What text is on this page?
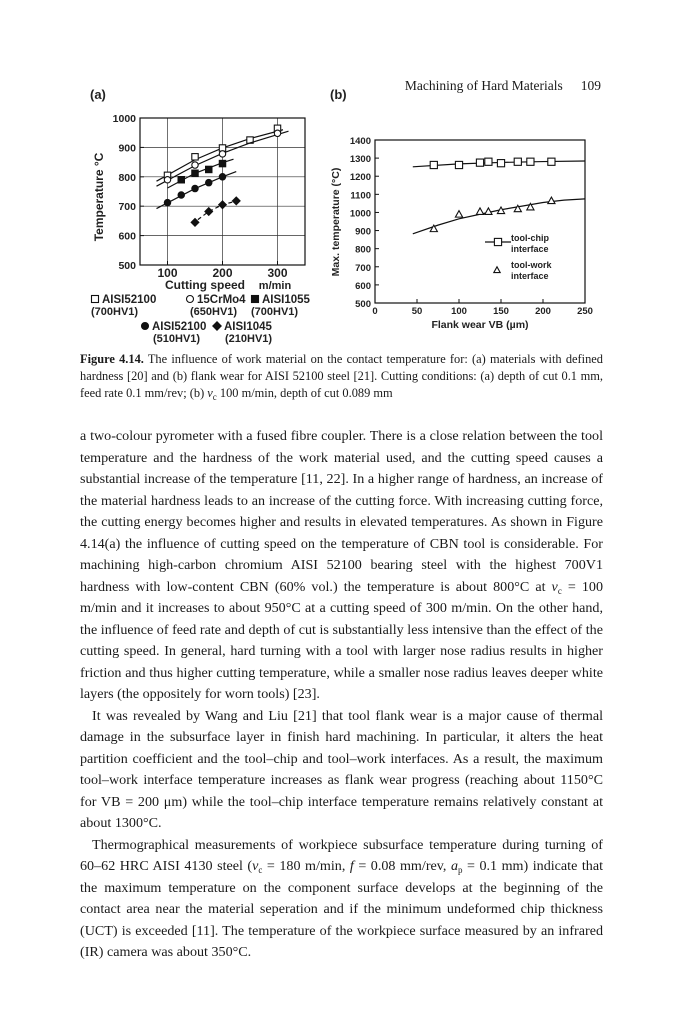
Machining of Hard Materials 109
(a)
500
600
700
800
900
1000
100	200	300
Temperature °C
Cutting speed m/min
AISI52100
(700HV1)
15CrMo4
(650HV1)
AISI1055
(700HV1)
AISI52100
(510HV1)
AISI1045
(210HV1)
(b)
500
600
700
800
900
1000
1100
1200
1300
1400
0	50	100	150	200	250
Max. temperature (°C)
Flank wear VB (µm)
tool-chip
interface
tool-work
interface
Figure 4.14. The influence of work material on the contact temperature for: (a) materials with defined hardness [20] and (b) flank wear for AISI 52100 steel [21]. Cutting conditions: (a) depth of cut 0.1 mm, feed rate 0.1 mm/rev; (b) $v_c$ 100 m/min, depth of cut 0.089 mm

a two-colour pyrometer with a fused fibre coupler. There is a close relation between the tool temperature and the hardness of the work material used, and the cutting speed causes a substantial increase of the temperature [11, 22]. In a higher range of hardness, an increase of the material hardness leads to an increase of the cutting force. With increasing cutting force, the cutting energy becomes higher and results in elevated temperatures. As shown in Figure 4.14(a) the influence of cutting speed on the temperature of CBN tool is considerable. For machining high-carbon chromium AISI 52100 bearing steel with the highest 700V1 hardness with low-content CBN (60% vol.) the temperature is about 800°C at $v_c = 100$ m/min and it increases to about 950°C at a cutting speed of 300 m/min. On the other hand, the influence of feed rate and depth of cut is substantially less intensive than the effect of the cutting speed. In general, hard turning with a tool with larger nose radius results in higher friction and thus higher cutting temperature, while a smaller nose radius leaves deeper white layers (the oppositely for worn tools) [23].

It was revealed by Wang and Liu [21] that tool flank wear is a major cause of thermal damage in the subsurface layer in finish hard machining. In particular, it alters the heat partition coefficient and the tool–chip and tool–work interfaces. As a result, the maximum tool–work interface temperature increases as flank wear progress (reaching about 1150°C for VB = 200 μm) while the tool–chip interface temperature remains relatively constant at about 1300°C.

Thermographical measurements of workpiece subsurface temperature during turning of 60–62 HRC AISI 4130 steel ($v_c = 180$ m/min, f = 0.08 mm/rev, $a_p = 0.1$ mm) indicate that the maximum temperature on the component surface develops at the beginning of the contact area near the material seperation and if the minimum undeformed chip thickness (UCT) is exceeded [11]. The temperature of the workpiece surface measured by an infrared (IR) camera was about 350°C.
